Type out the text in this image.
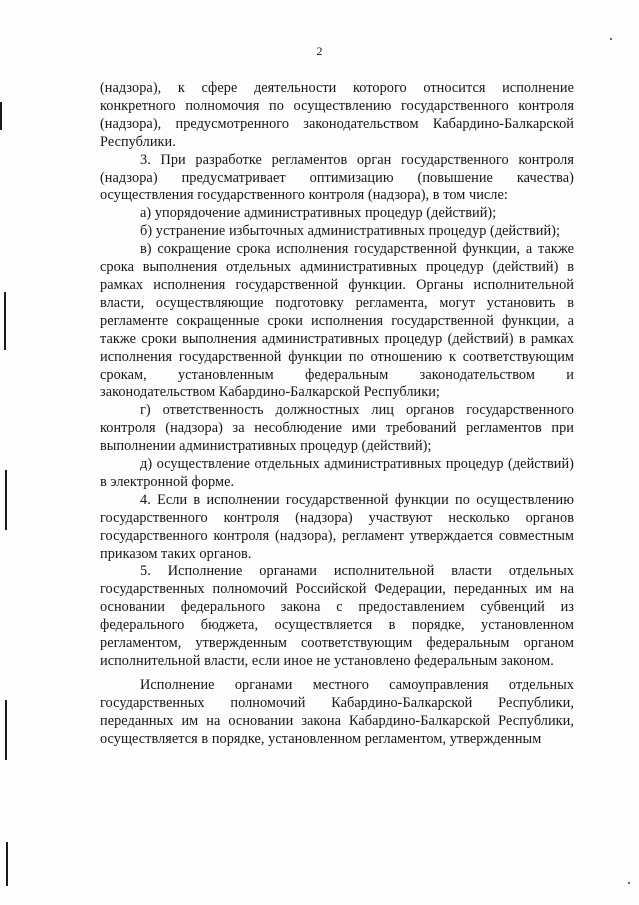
2

(надзора), к сфере деятельности которого относится исполнение конкретного полномочия по осуществлению государственного контроля (надзора), предусмотренного законодательством Кабардино-Балкарской Республики.

3. При разработке регламентов орган государственного контроля (надзора) предусматривает оптимизацию (повышение качества) осуществления государственного контроля (надзора), в том числе:

а) упорядочение административных процедур (действий);

б) устранение избыточных административных процедур (действий);

в) сокращение срока исполнения государственной функции, а также срока выполнения отдельных административных процедур (действий) в рамках исполнения государственной функции. Органы исполнительной власти, осуществляющие подготовку регламента, могут установить в регламенте сокращенные сроки исполнения государственной функции, а также сроки выполнения административных процедур (действий) в рамках исполнения государственной функции по отношению к соответствующим срокам, установленным федеральным законодательством и законодательством Кабардино-Балкарской Республики;

г) ответственность должностных лиц органов государственного контроля (надзора) за несоблюдение ими требований регламентов при выполнении административных процедур (действий);

д) осуществление отдельных административных процедур (действий) в электронной форме.

4. Если в исполнении государственной функции по осуществлению государственного контроля (надзора) участвуют несколько органов государственного контроля (надзора), регламент утверждается совместным приказом таких органов.

5. Исполнение органами исполнительной власти отдельных государственных полномочий Российской Федерации, переданных им на основании федерального закона с предоставлением субвенций из федерального бюджета, осуществляется в порядке, установленном регламентом, утвержденным соответствующим федеральным органом исполнительной власти, если иное не установлено федеральным законом.

Исполнение органами местного самоуправления отдельных государственных полномочий Кабардино-Балкарской Республики, переданных им на основании закона Кабардино-Балкарской Республики, осуществляется в порядке, установленном регламентом, утвержденным
